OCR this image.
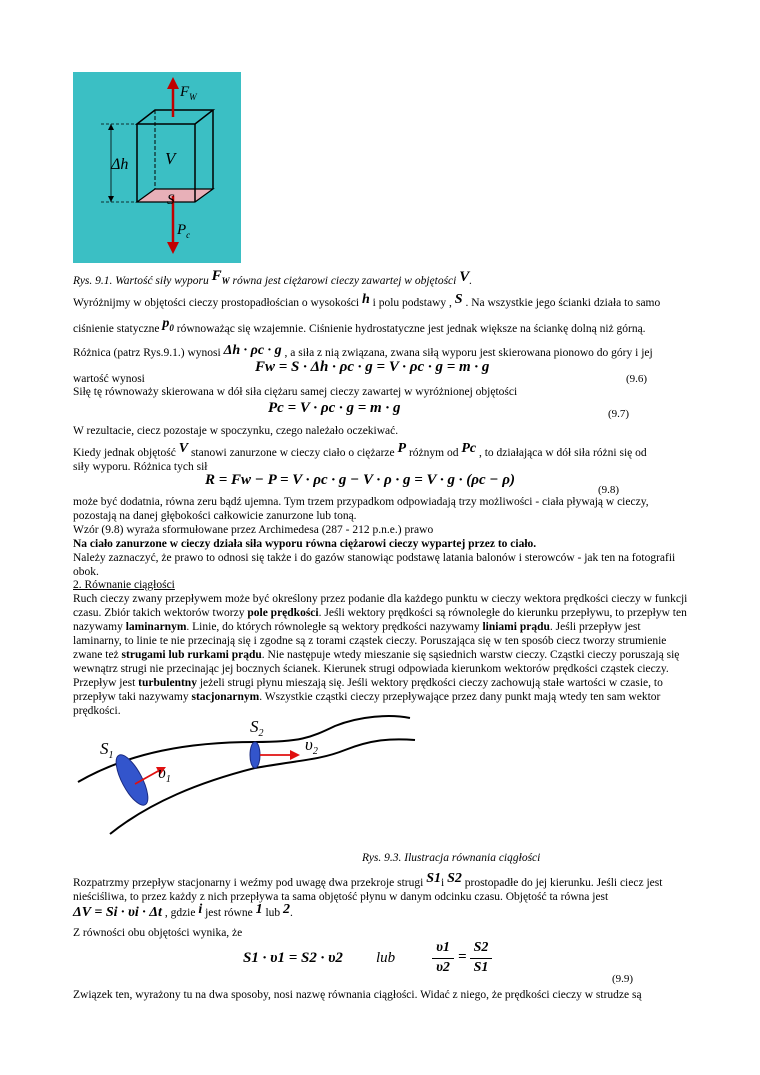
$F_W$
Δh V
S
$P_c$
Rys. 9.1. Wartość siły wyporu $F_W$ równa jest ciężarowi cieczy zawartej w objętości V.
Wyróżnijmy w objętości cieczy prostopadłościan o wysokości h i polu podstawy , S . Na wszystkie jego ścianki działa to samo
ciśnienie statyczne $p_0$ równoważąc się wzajemnie. Ciśnienie hydrostatyczne jest jednak większe na ściankę dolną niż górną.
Różnica (patrz Rys.9.1.) wynosi Δh · ρc · g , a siła z nią związana, zwana siłą wyporu jest skierowana pionowo do góry i jej
wartość wynosi
Fw = S · Δh · ρc · g = V · ρc · g = m · g
(9.6)
Siłę tę równoważy skierowana w dół siła ciężaru samej cieczy zawartej w wyróżnionej objętości
Pc = V · ρc · g = m · g	(9.7)
W rezultacie, ciecz pozostaje w spoczynku, czego należało oczekiwać.
Kiedy jednak objętość V stanowi zanurzone w cieczy ciało o ciężarze P różnym od Pc , to działająca w dół siła różni się od
siły wyporu. Różnica tych sił
R = Fw − P = V · ρc · g − V · ρ · g = V · g · (ρc − ρ)
(9.8)
może być dodatnia, równa zeru bądź ujemna. Tym trzem przypadkom odpowiadają trzy możliwości - ciała pływają w cieczy,
pozostają na danej głębokości całkowicie zanurzone lub toną.
Wzór (9.8) wyraża sformułowane przez Archimedesa (287 - 212 p.n.e.) prawo
Na ciało zanurzone w cieczy działa siła wyporu równa ciężarowi cieczy wypartej przez to ciało.
Należy zaznaczyć, że prawo to odnosi się także i do gazów stanowiąc podstawę latania balonów i sterowców - jak ten na fotografii
obok.
2. Równanie ciągłości
Ruch cieczy zwany przepływem może być określony przez podanie dla każdego punktu w cieczy wektora prędkości cieczy w funkcji czasu. Zbiór takich wektorów tworzy pole prędkości. Jeśli wektory prędkości są równoległe do kierunku przepływu, to przepływ ten nazywamy laminarnym. Linie, do których równoległe są wektory prędkości nazywamy liniami prądu. Jeśli przepływ jest laminarny, to linie te nie przecinają się i zgodne są z torami cząstek cieczy. Poruszająca się w ten sposób ciecz tworzy strumienie zwane też strugami lub rurkami prądu. Nie następuje wtedy mieszanie się sąsiednich warstw cieczy. Cząstki cieczy poruszają się wewnątrz strugi nie przecinając jej bocznych ścianek. Kierunek strugi odpowiada kierunkom wektorów prędkości cząstek cieczy. Przepływ jest turbulentny jeżeli strugi płynu mieszają się. Jeśli wektory prędkości cieczy zachowują stałe wartości w czasie, to przepływ taki nazywamy stacjonarnym. Wszystkie cząstki cieczy przepływające przez dany punkt mają wtedy ten sam wektor prędkości.
$S_1$
$\upsilon_1$
$S_2$
$\upsilon_2$
Rys. 9.3. Ilustracja równania ciągłości
Rozpatrzmy przepływ stacjonarny i weźmy pod uwagę dwa przekroje strugi S1i S2 prostopadłe do jej kierunku. Jeśli ciecz jest
nieściśliwa, to przez każdy z nich przepływa ta sama objętość płynu w danym odcinku czasu. Objętość ta równa jest
ΔV = Si · υi · Δt , gdzie i jest równe 1 lub 2.
Z równości obu objętości wynika, że
S1 · υ1 = S2 · υ2 lub
υ1
υ2
=
S2
S1
(9.9)
Związek ten, wyrażony tu na dwa sposoby, nosi nazwę równania ciągłości. Widać z niego, że prędkości cieczy w strudze są
